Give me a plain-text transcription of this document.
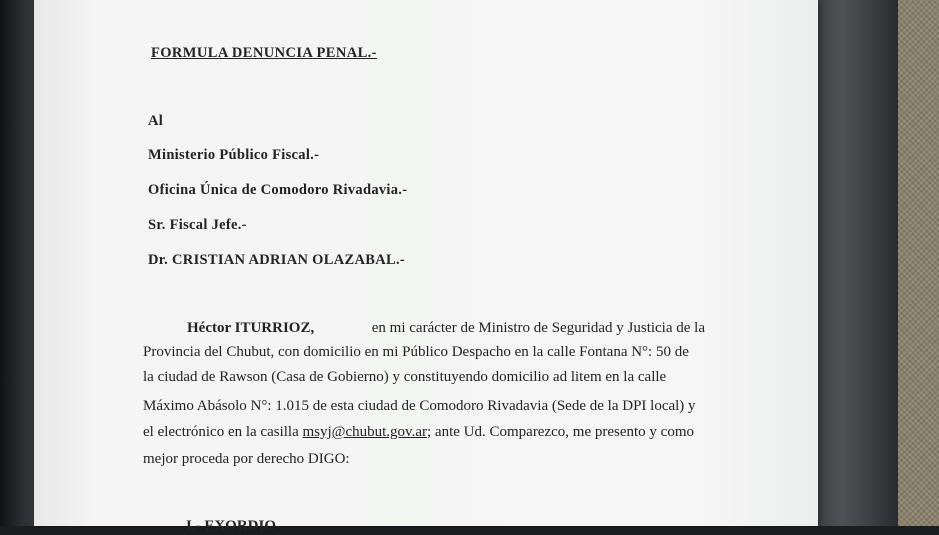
FORMULA DENUNCIA PENAL.-
Al
Ministerio Público Fiscal.-
Oficina Única de Comodoro Rivadavia.-
Sr. Fiscal Jefe.-
Dr. CRISTIAN ADRIAN OLAZABAL.-
Héctor ITURRIOZ,	en mi carácter de Ministro de Seguridad y Justicia de la
Provincia del Chubut, con domicilio en mi Público Despacho en la calle Fontana N°: 50 de
la ciudad de Rawson (Casa de Gobierno) y constituyendo domicilio ad litem en la calle
Máximo Abásolo N°: 1.015 de esta ciudad de Comodoro Rivadavia (Sede de la DPI local) y
el electrónico en la casilla msyj@chubut.gov.ar; ante Ud. Comparezco, me presento y como
mejor proceda por derecho DIGO:
I.- EXORDIO
